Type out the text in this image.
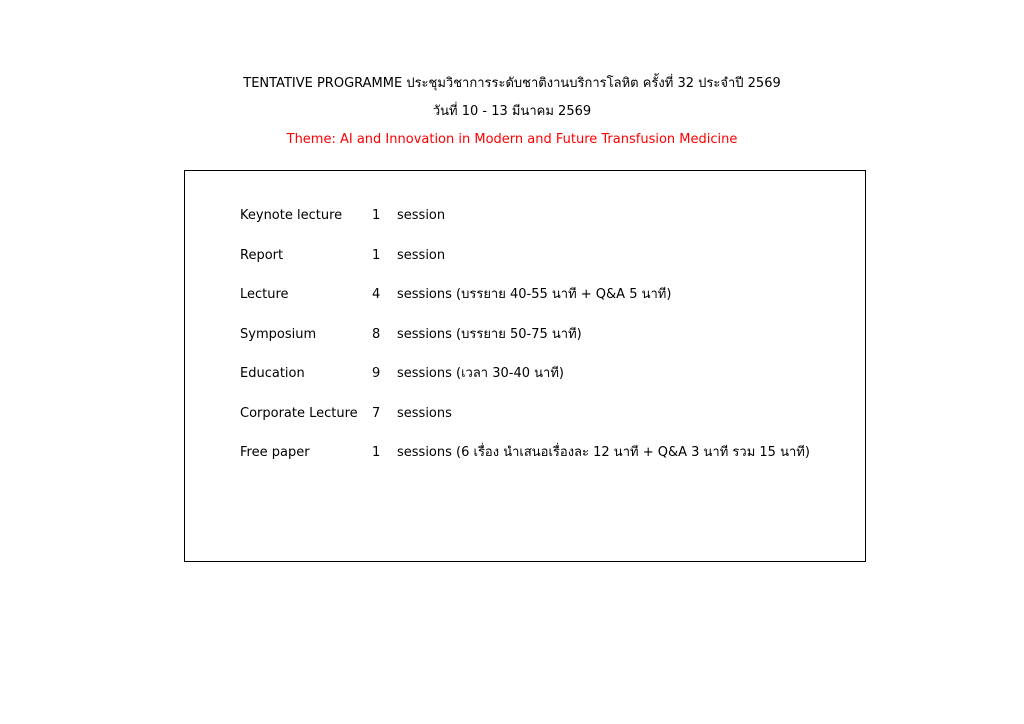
TENTATIVE PROGRAMME ประชุมวิชาการระดับชาติงานบริการโลหิต ครั้งที่ 32 ประจำปี 2569
วันที่ 10 - 13 มีนาคม 2569
Theme: AI and Innovation in Modern and Future Transfusion Medicine
Keynote lecture 1 session
Report	1 session
Lecture	4 sessions (บรรยาย 40-55 นาที + Q&A 5 นาที)
Symposium	8 sessions (บรรยาย 50-75 นาที)
Education	9 sessions (เวลา 30-40 นาที)
Corporate Lecture 7 sessions
Free paper	1 sessions (6 เรื่อง นำเสนอเรื่องละ 12 นาที + Q&A 3 นาที รวม 15 นาที)
